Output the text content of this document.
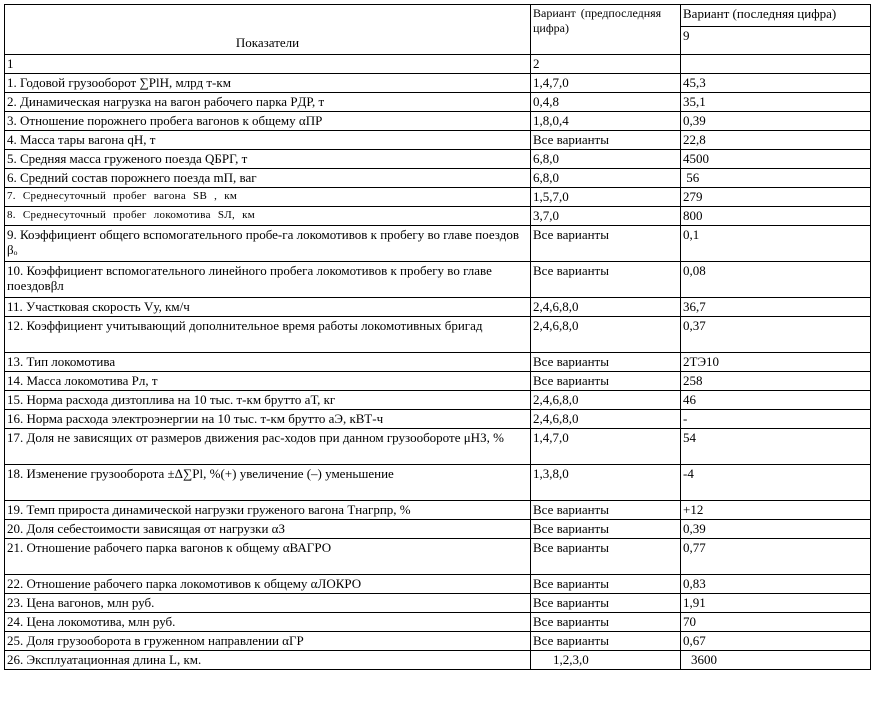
Показатели	Вариант (предпоследняя цифра)	Вариант (последняя цифра)
		9
1	2	
1. Годовой грузооборот ∑PlН, млрд т-км	1,4,7,0	45,3
2. Динамическая нагрузка на вагон рабочего парка PДР, т	0,4,8	35,1
3. Отношение порожнего пробега вагонов к общему αПР	1,8,0,4	0,39
4. Масса тары вагона qН, т	Все варианты	22,8
5. Средняя масса груженого поезда QБРГ, т	6,8,0	4500
6. Средний состав порожнего поезда mП, ваг	6,8,0	56
7. Среднесуточный пробег вагона SВ , км	1,5,7,0	279
8. Среднесуточный пробег локомотива SЛ, км	3,7,0	800
9. Коэффициент общего вспомогательного пробе-га локомотивов к пробегу во главе поездов βₒ	Все варианты	0,1
10. Коэффициент вспомогательного линейного пробега локомотивов к пробегу во главе поездовβл	Все варианты	0,08
11. Участковая скорость Vу, км/ч	2,4,6,8,0	36,7
12. Коэффициент учитывающий дополнительное время работы локомотивных бригад	2,4,6,8,0	0,37
13. Тип локомотива	Все варианты	2ТЭ10
14. Масса локомотива Pл, т	Все варианты	258
15. Норма расхода дизтоплива на 10 тыс. т-км брутто aТ, кг	2,4,6,8,0	46
16. Норма расхода электроэнергии на 10 тыс. т-км брутто aЭ, кВТ-ч	2,4,6,8,0	-
17. Доля не зависящих от размеров движения рас-ходов при данном грузообороте μНЗ, %	1,4,7,0	54
18. Изменение грузооборота ±Δ∑Pl, %(+) увеличение (–) уменьшение	1,3,8,0	-4
19. Темп прироста динамической нагрузки груженого вагона Tнагрпр, %	Все варианты	+12
20. Доля себестоимости зависящая от нагрузки αЗ	Все варианты	0,39
21. Отношение рабочего парка вагонов к общему αВАГРО	Все варианты	0,77
22. Отношение рабочего парка локомотивов к общему αЛОКРО	Все варианты	0,83
23. Цена вагонов, млн руб.	Все варианты	1,91
24. Цена локомотива, млн руб.	Все варианты	70
25. Доля грузооборота в груженном направлении αГР	Все варианты	0,67
26. Эксплуатационная длина L, км.	1,2,3,0	3600
